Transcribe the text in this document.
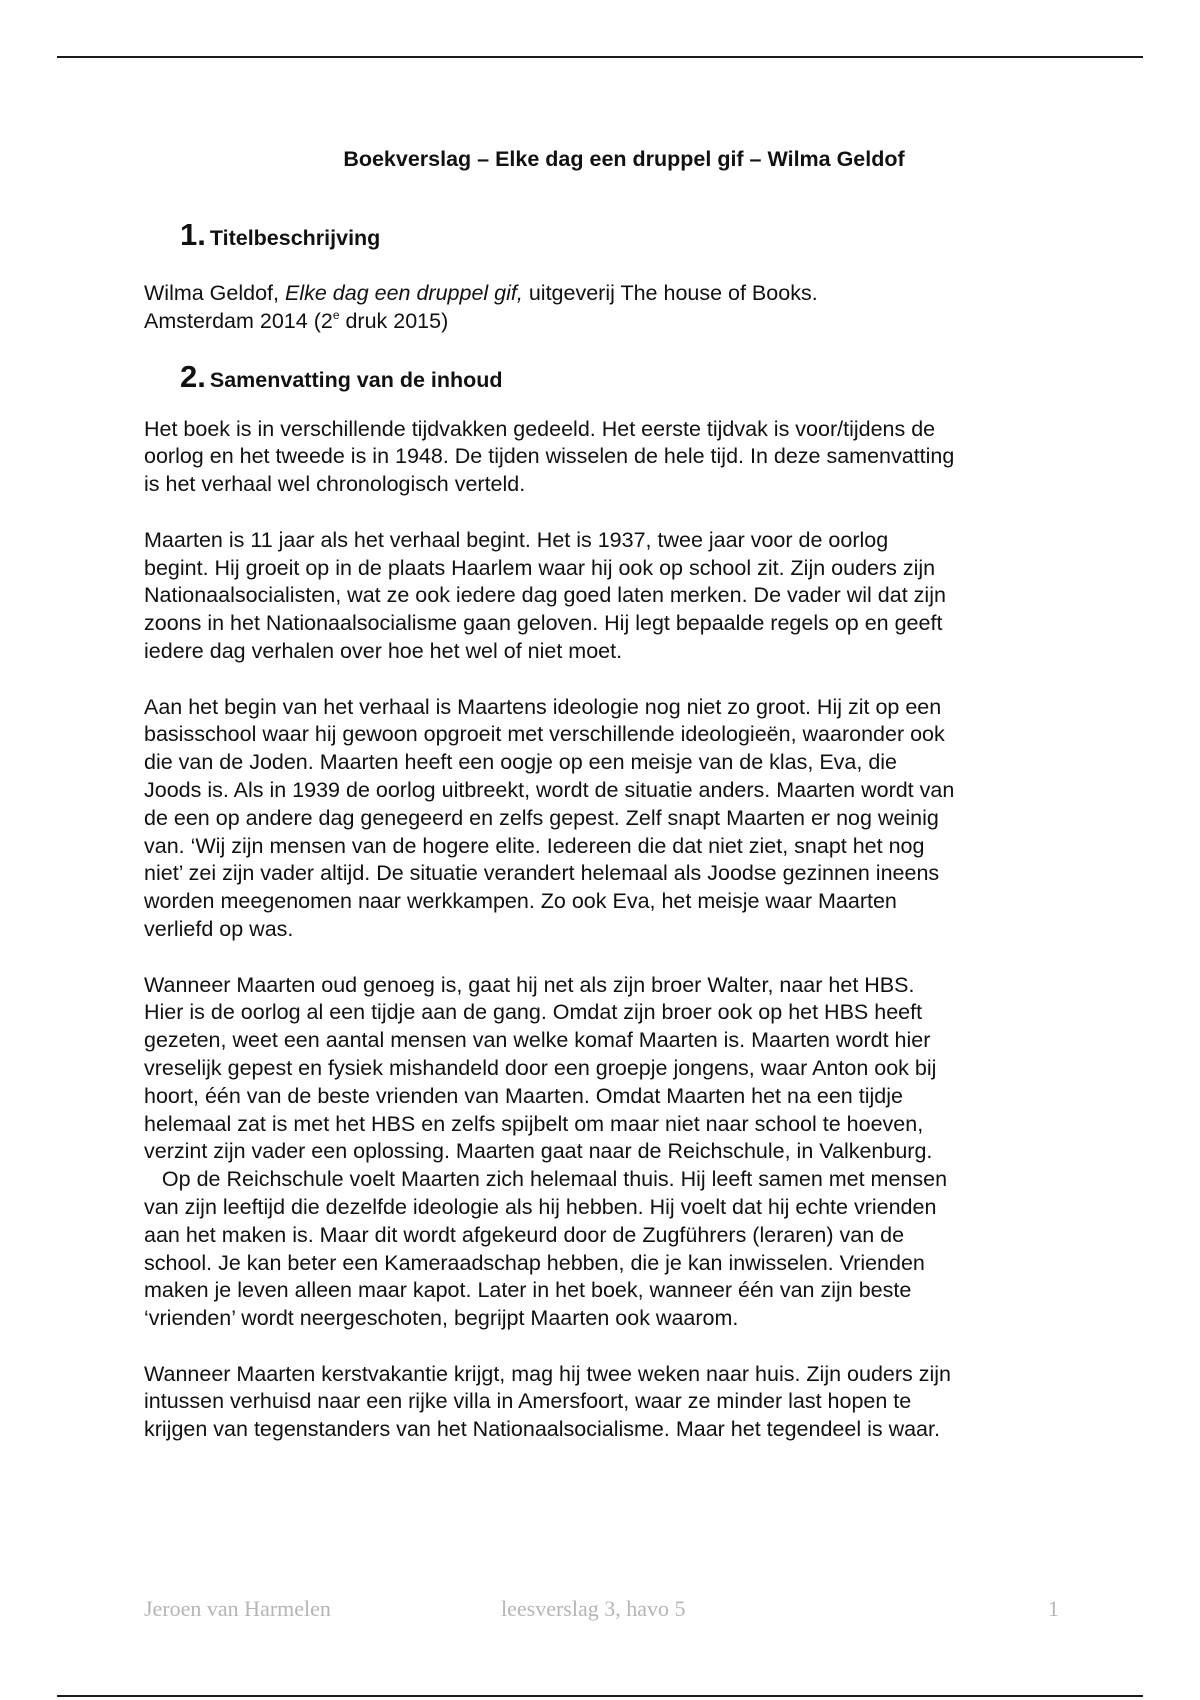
Boekverslag – Elke dag een druppel gif – Wilma Geldof
1. Titelbeschrijving

Wilma Geldof, Elke dag een druppel gif, uitgeverij The house of Books.
Amsterdam 2014 (2e druk 2015)

2. Samenvatting van de inhoud

Het boek is in verschillende tijdvakken gedeeld. Het eerste tijdvak is voor/tijdens de
oorlog en het tweede is in 1948. De tijden wisselen de hele tijd. In deze samenvatting
is het verhaal wel chronologisch verteld.

Maarten is 11 jaar als het verhaal begint. Het is 1937, twee jaar voor de oorlog
begint. Hij groeit op in de plaats Haarlem waar hij ook op school zit. Zijn ouders zijn
Nationaalsocialisten, wat ze ook iedere dag goed laten merken. De vader wil dat zijn
zoons in het Nationaalsocialisme gaan geloven. Hij legt bepaalde regels op en geeft
iedere dag verhalen over hoe het wel of niet moet.

Aan het begin van het verhaal is Maartens ideologie nog niet zo groot. Hij zit op een
basisschool waar hij gewoon opgroeit met verschillende ideologieën, waaronder ook
die van de Joden. Maarten heeft een oogje op een meisje van de klas, Eva, die
Joods is. Als in 1939 de oorlog uitbreekt, wordt de situatie anders. Maarten wordt van
de een op andere dag genegeerd en zelfs gepest. Zelf snapt Maarten er nog weinig
van. ‘Wij zijn mensen van de hogere elite. Iedereen die dat niet ziet, snapt het nog
niet’ zei zijn vader altijd. De situatie verandert helemaal als Joodse gezinnen ineens
worden meegenomen naar werkkampen. Zo ook Eva, het meisje waar Maarten
verliefd op was.

Wanneer Maarten oud genoeg is, gaat hij net als zijn broer Walter, naar het HBS.
Hier is de oorlog al een tijdje aan de gang. Omdat zijn broer ook op het HBS heeft
gezeten, weet een aantal mensen van welke komaf Maarten is. Maarten wordt hier
vreselijk gepest en fysiek mishandeld door een groepje jongens, waar Anton ook bij
hoort, één van de beste vrienden van Maarten. Omdat Maarten het na een tijdje
helemaal zat is met het HBS en zelfs spijbelt om maar niet naar school te hoeven,
verzint zijn vader een oplossing. Maarten gaat naar de Reichschule, in Valkenburg.
Op de Reichschule voelt Maarten zich helemaal thuis. Hij leeft samen met mensen
van zijn leeftijd die dezelfde ideologie als hij hebben. Hij voelt dat hij echte vrienden
aan het maken is. Maar dit wordt afgekeurd door de Zugführers (leraren) van de
school. Je kan beter een Kameraadschap hebben, die je kan inwisselen. Vrienden
maken je leven alleen maar kapot. Later in het boek, wanneer één van zijn beste
‘vrienden’ wordt neergeschoten, begrijpt Maarten ook waarom.

Wanneer Maarten kerstvakantie krijgt, mag hij twee weken naar huis. Zijn ouders zijn
intussen verhuisd naar een rijke villa in Amersfoort, waar ze minder last hopen te
krijgen van tegenstanders van het Nationaalsocialisme. Maar het tegendeel is waar.

Jeroen van Harmelen	leesverslag 3, havo 5	1
